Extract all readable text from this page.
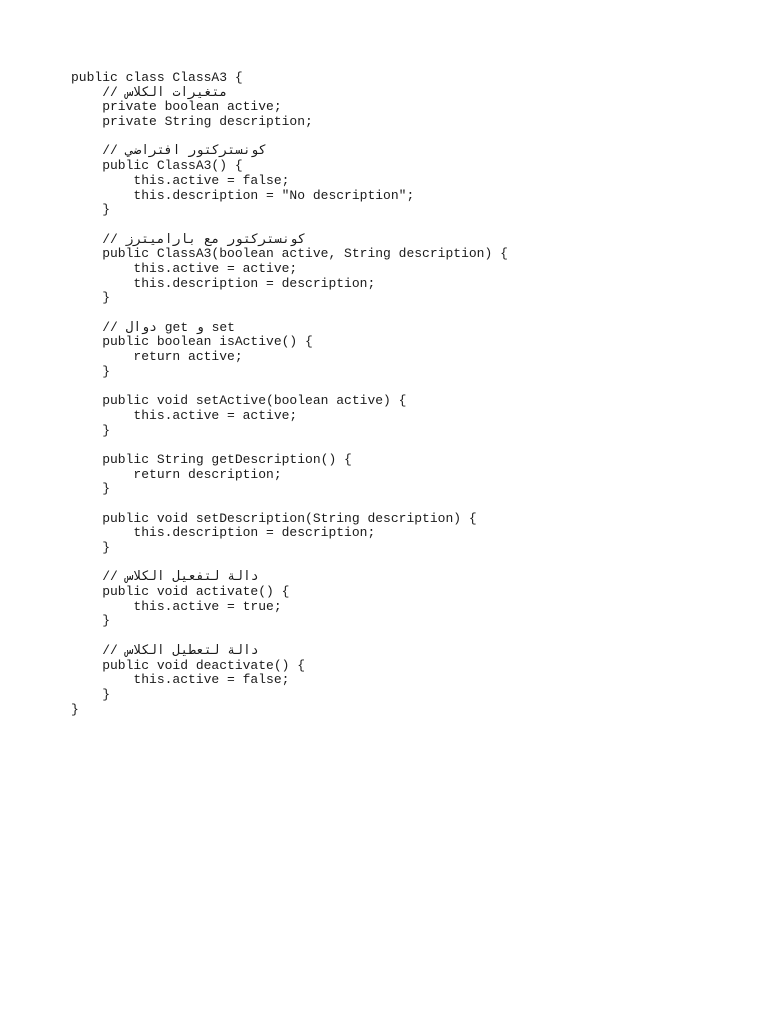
public class ClassA3 {
// متغيرات الكلاس
private boolean active;
private String description;
// كونستركتور افتراضي
public ClassA3() {
this.active = false;
this.description = "No description";
}
// كونستركتور مع باراميترز
public ClassA3(boolean active, String description) {
this.active = active;
this.description = description;
}
// دوال get و set
public boolean isActive() {
return active;
}
public void setActive(boolean active) {
this.active = active;
}
public String getDescription() {
return description;
}
public void setDescription(String description) {
this.description = description;
}
// دالة لتفعيل الكلاس
public void activate() {
this.active = true;
}
// دالة لتعطيل الكلاس
public void deactivate() {
this.active = false;
}
}
